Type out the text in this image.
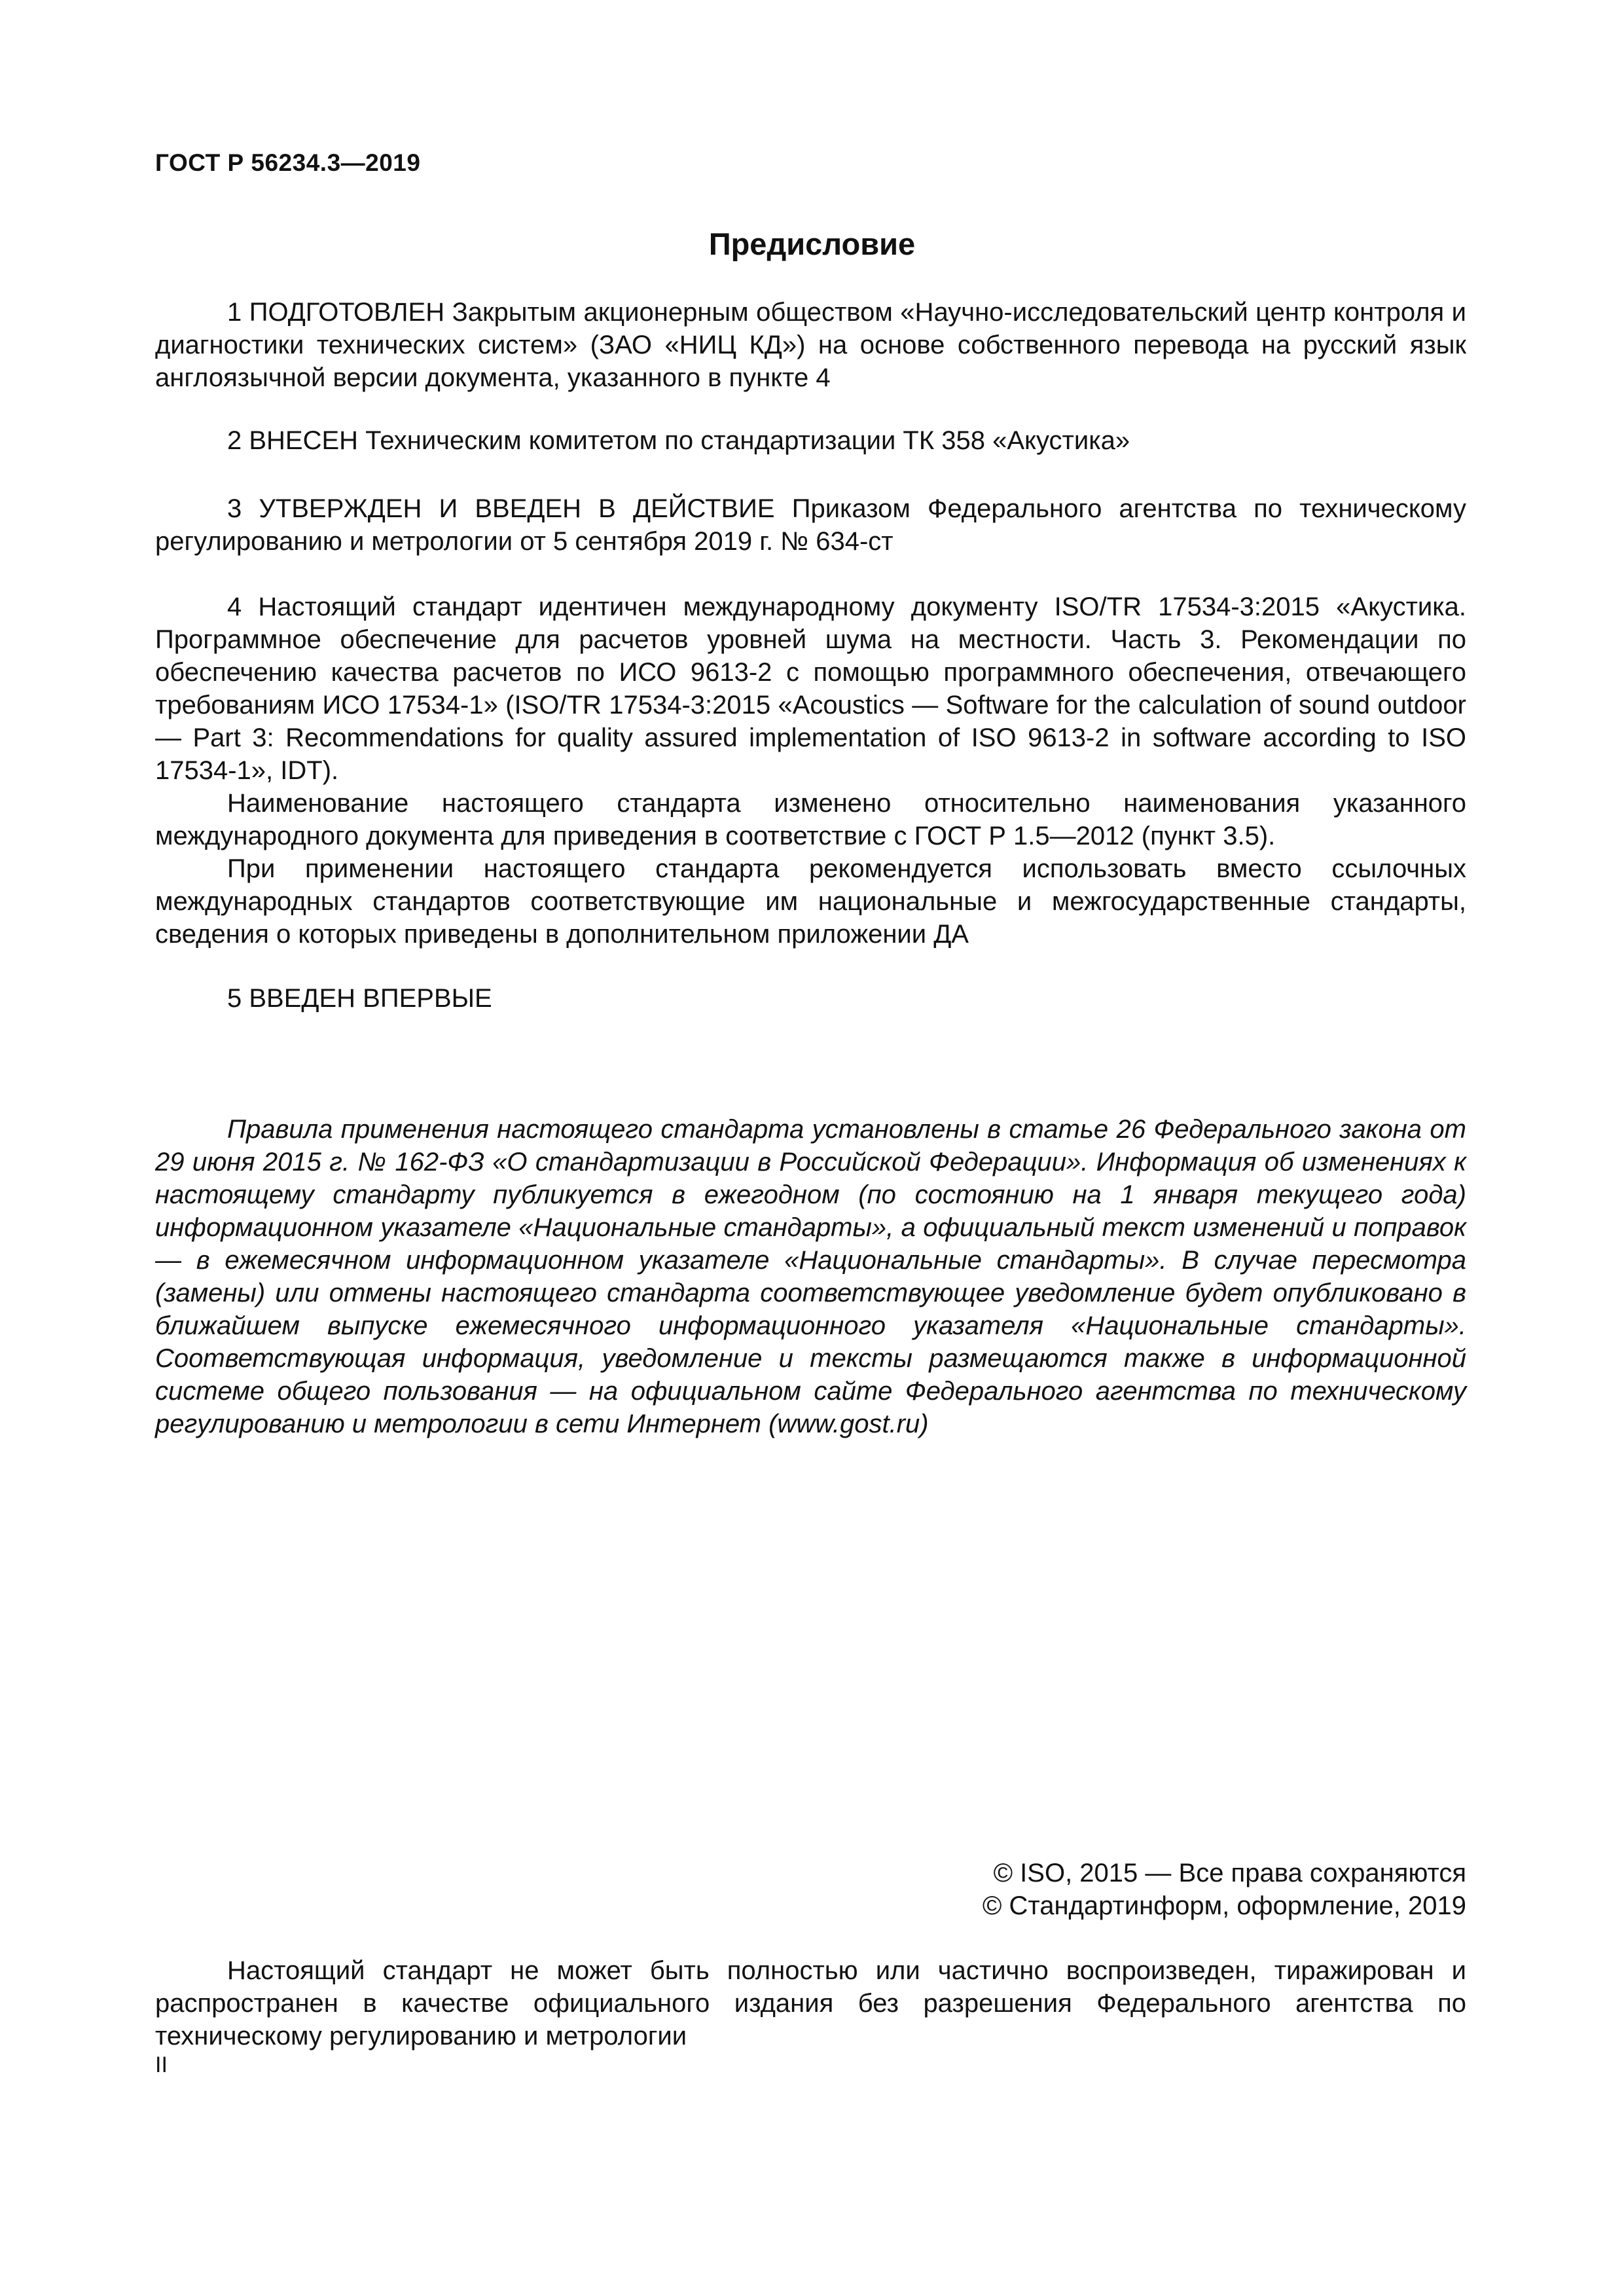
ГОСТ Р 56234.3—2019
Предисловие

1 ПОДГОТОВЛЕН Закрытым акционерным обществом «Научно-исследовательский центр контроля и диагностики технических систем» (ЗАО «НИЦ КД») на основе собственного перевода на русский язык англоязычной версии документа, указанного в пункте 4

2 ВНЕСЕН Техническим комитетом по стандартизации ТК 358 «Акустика»

3 УТВЕРЖДЕН И ВВЕДЕН В ДЕЙСТВИЕ Приказом Федерального агентства по техническому регулированию и метрологии от 5 сентября 2019 г. № 634-ст

4 Настоящий стандарт идентичен международному документу ISO/TR 17534-3:2015 «Акустика. Программное обеспечение для расчетов уровней шума на местности. Часть 3. Рекомендации по обеспечению качества расчетов по ИСО 9613-2 с помощью программного обеспечения, отвечающего требованиям ИСО 17534-1» (ISO/TR 17534-3:2015 «Acoustics — Software for the calculation of sound outdoor — Part 3: Recommendations for quality assured implementation of ISO 9613-2 in software according to ISO 17534-1», IDT).

Наименование настоящего стандарта изменено относительно наименования указанного международного документа для приведения в соответствие с ГОСТ Р 1.5—2012 (пункт 3.5).

При применении настоящего стандарта рекомендуется использовать вместо ссылочных международных стандартов соответствующие им национальные и межгосударственные стандарты, сведения о которых приведены в дополнительном приложении ДА

5 ВВЕДЕН ВПЕРВЫЕ

Правила применения настоящего стандарта установлены в статье 26 Федерального закона от 29 июня 2015 г. № 162-ФЗ «О стандартизации в Российской Федерации». Информация об изменениях к настоящему стандарту публикуется в ежегодном (по состоянию на 1 января текущего года) информационном указателе «Национальные стандарты», а официальный текст изменений и поправок — в ежемесячном информационном указателе «Национальные стандарты». В случае пересмотра (замены) или отмены настоящего стандарта соответствующее уведомление будет опубликовано в ближайшем выпуске ежемесячного информационного указателя «Национальные стандарты». Соответствующая информация, уведомление и тексты размещаются также в информационной системе общего пользования — на официальном сайте Федерального агентства по техническому регулированию и метрологии в сети Интернет (www.gost.ru)

© ISO, 2015 — Все права сохраняются
© Стандартинформ, оформление, 2019

Настоящий стандарт не может быть полностью или частично воспроизведен, тиражирован и распространен в качестве официального издания без разрешения Федерального агентства по техническому регулированию и метрологии

II
